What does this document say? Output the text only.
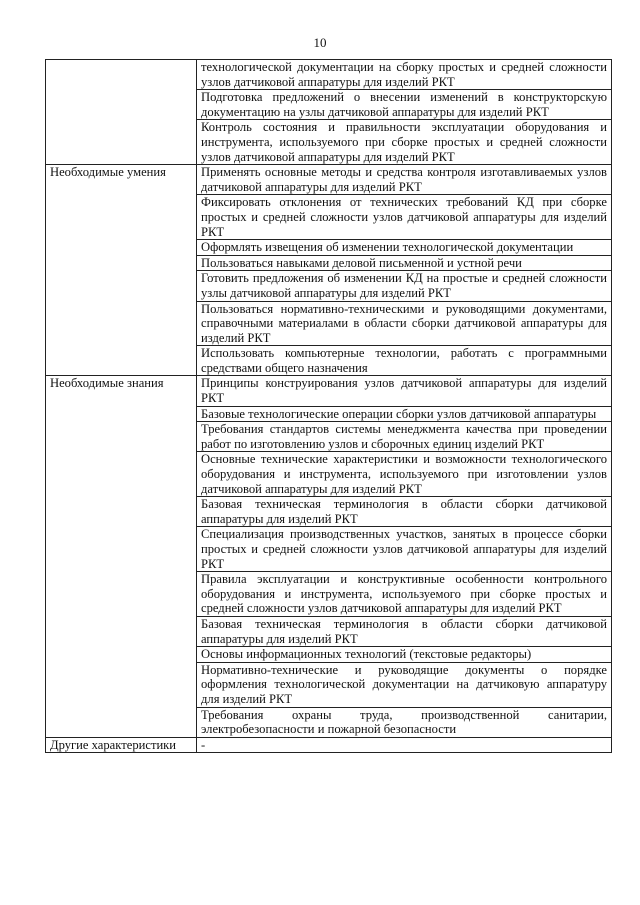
10
	технологической документации на сборку простых и средней сложности узлов датчиковой аппаратуры для изделий РКТ
	Подготовка предложений о внесении изменений в конструкторскую документацию на узлы датчиковой аппаратуры для изделий РКТ
	Контроль состояния и правильности эксплуатации оборудования и инструмента, используемого при сборке простых и средней сложности узлов датчиковой аппаратуры для изделий РКТ
Необходимые умения	Применять основные методы и средства контроля изготавливаемых узлов датчиковой аппаратуры для изделий РКТ
	Фиксировать отклонения от технических требований КД при сборке простых и средней сложности узлов датчиковой аппаратуры для изделий РКТ
	Оформлять извещения об изменении технологической документации
	Пользоваться навыками деловой письменной и устной речи
	Готовить предложения об изменении КД на простые и средней сложности узлы датчиковой аппаратуры для изделий РКТ
	Пользоваться нормативно-техническими и руководящими документами, справочными материалами в области сборки датчиковой аппаратуры для изделий РКТ
	Использовать компьютерные технологии, работать с программными средствами общего назначения
Необходимые знания	Принципы конструирования узлов датчиковой аппаратуры для изделий РКТ
	Базовые технологические операции сборки узлов датчиковой аппаратуры
	Требования стандартов системы менеджмента качества при проведении работ по изготовлению узлов и сборочных единиц изделий РКТ
	Основные технические характеристики и возможности технологического оборудования и инструмента, используемого при изготовлении узлов датчиковой аппаратуры для изделий РКТ
	Базовая техническая терминология в области сборки датчиковой аппаратуры для изделий РКТ
	Специализация производственных участков, занятых в процессе сборки простых и средней сложности узлов датчиковой аппаратуры для изделий РКТ
	Правила эксплуатации и конструктивные особенности контрольного оборудования и инструмента, используемого при сборке простых и средней сложности узлов датчиковой аппаратуры для изделий РКТ
	Базовая техническая терминология в области сборки датчиковой аппаратуры для изделий РКТ
	Основы информационных технологий (текстовые редакторы)
	Нормативно-технические и руководящие документы о порядке оформления технологической документации на датчиковую аппаратуру для изделий РКТ
	Требования охраны труда, производственной санитарии, электробезопасности и пожарной безопасности
Другие характеристики	-
